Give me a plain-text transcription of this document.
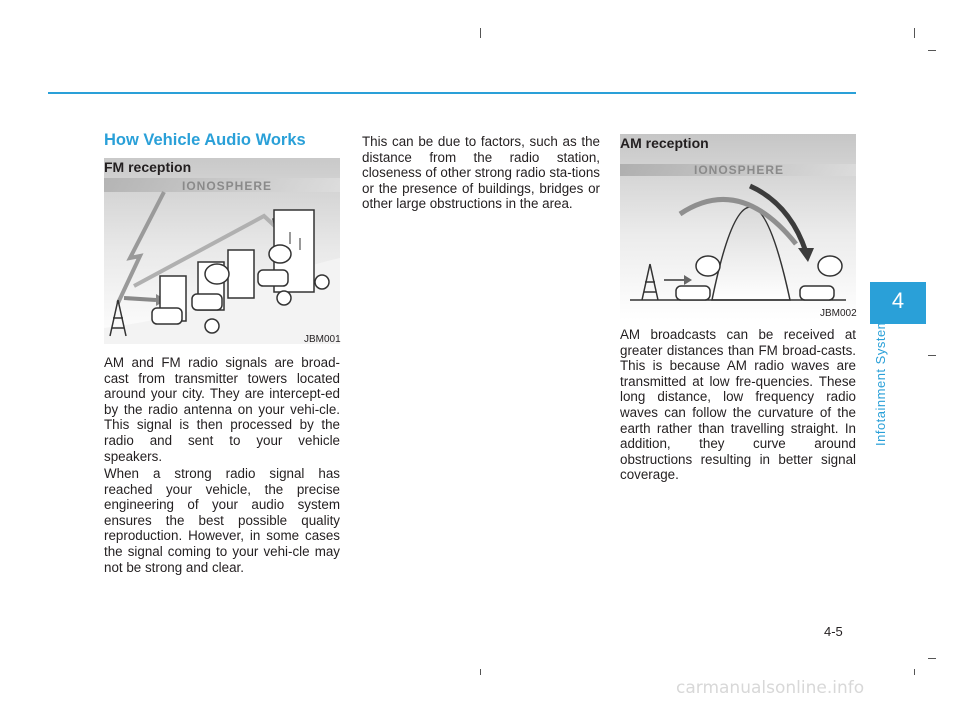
How Vehicle Audio Works
IONOSPHERE
FM reception
JBM001

AM and FM radio signals are broad-cast from transmitter towers located around your city. They are intercept-ed by the radio antenna on your vehi-cle. This signal is then processed by the radio and sent to your vehicle speakers.

When a strong radio signal has reached your vehicle, the precise engineering of your audio system ensures the best possible quality reproduction. However, in some cases the signal coming to your vehi-cle may not be strong and clear.

This can be due to factors, such as the distance from the radio station, closeness of other strong radio sta-tions or the presence of buildings, bridges or other large obstructions in the area.

IONOSPHERE
AM reception
JBM002

AM broadcasts can be received at greater distances than FM broad-casts. This is because AM radio waves are transmitted at low fre-quencies. These long distance, low frequency radio waves can follow the curvature of the earth rather than travelling straight. In addition, they curve around obstructions resulting in better signal coverage.

4
Infotainment System
4-5
carmanualsonline.info
